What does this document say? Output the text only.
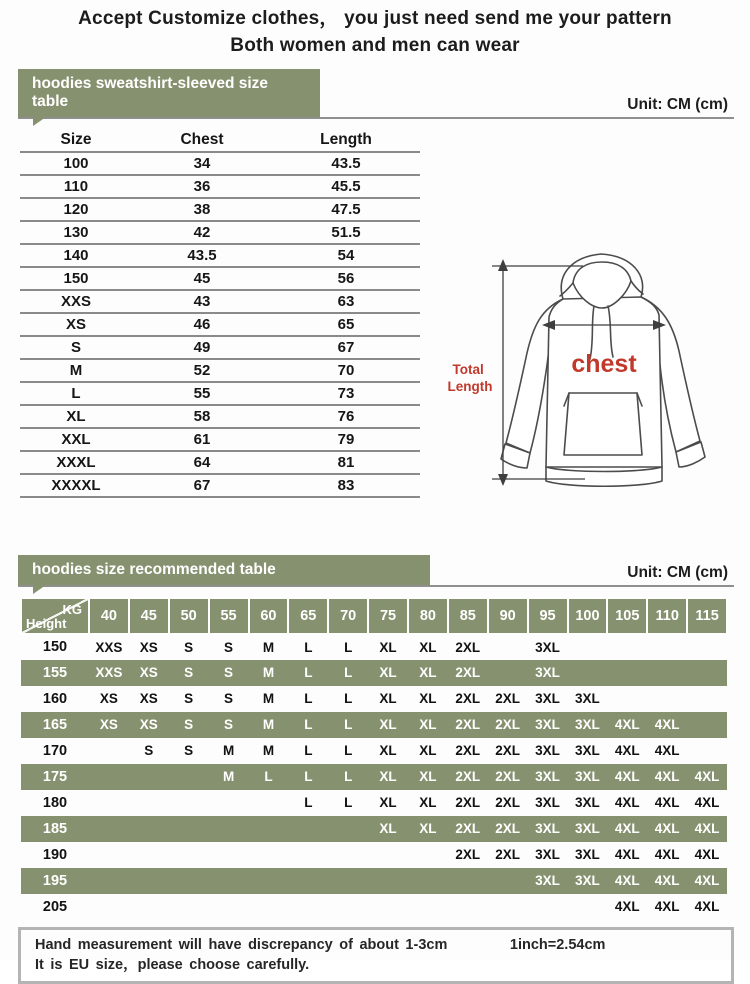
Accept Customize clothes， you just need send me your pattern
Both women and men can wear
hoodies sweatshirt-sleeved size table	Unit: CM (cm)
Size	Chest	Length
100	34	43.5
110	36	45.5
120	38	47.5
130	42	51.5
140	43.5	54
150	45	56
XXS	43	63
XS	46	65
S	49	67
M	52	70
L	55	73
XL	58	76
XXL	61	79
XXXL	64	81
XXXXL	67	83
Total Length
chest
hoodies size recommended table	Unit: CM (cm)
KG
Height	40	45	50	55	60	65	70	75	80	85	90	95	100	105	110	115
150	XXS	XS	S	S	M	L	L	XL	XL	2XL		3XL				
155	XXS	XS	S	S	M	L	L	XL	XL	2XL		3XL				
160	XS	XS	S	S	M	L	L	XL	XL	2XL	2XL	3XL	3XL			
165	XS	XS	S	S	M	L	L	XL	XL	2XL	2XL	3XL	3XL	4XL	4XL	
170		S	S	M	M	L	L	XL	XL	2XL	2XL	3XL	3XL	4XL	4XL	
175				M	L	L	L	XL	XL	2XL	2XL	3XL	3XL	4XL	4XL	4XL
180						L	L	XL	XL	2XL	2XL	3XL	3XL	4XL	4XL	4XL
185								XL	XL	2XL	2XL	3XL	3XL	4XL	4XL	4XL
190										2XL	2XL	3XL	3XL	4XL	4XL	4XL
195												3XL	3XL	4XL	4XL	4XL
205														4XL	4XL	4XL
Hand measurement will have discrepancy of about 1-3cm	1inch=2.54cm
It is EU size，please choose carefully.
